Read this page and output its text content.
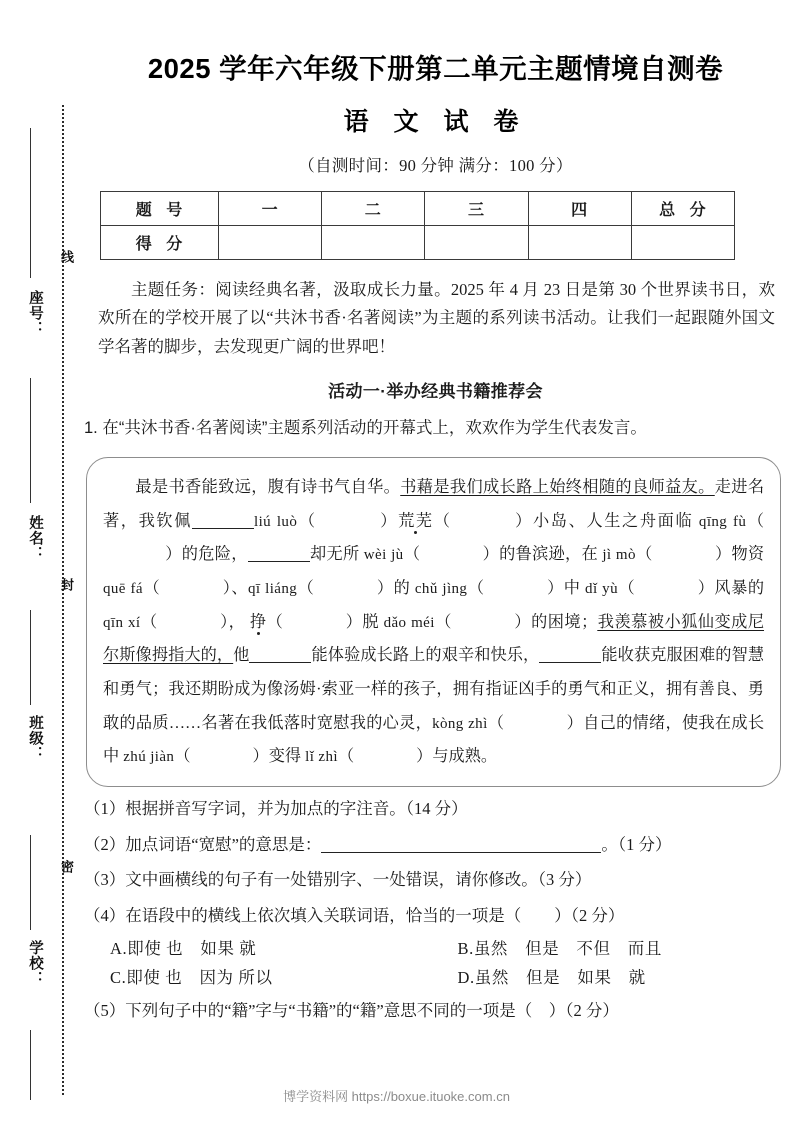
线
封
密
座号：
姓名：
班级：
学校：
2025 学年六年级下册第二单元主题情境自测卷
语 文 试 卷
（自测时间：90 分钟 满分：100 分）
题 号	一	二	三	四	总 分
得 分					
主题任务：阅读经典名著，汲取成长力量。2025 年 4 月 23 日是第 30 个世界读书日，欢欢所在的学校开展了以“共沐书香·名著阅读”为主题的系列读书活动。让我们一起跟随外国文学名著的脚步，去发现更广阔的世界吧！
活动一·举办经典书籍推荐会
1. 在“共沐书香·名著阅读”主题系列活动的开幕式上，欢欢作为学生代表发言。
最是书香能致远，腹有诗书气自华。书藉是我们成长路上始终相随的良师益友。走进名著，我钦佩	liú luò（	）荒芜（	）小岛、人生之舟面临 qīng fù（）的危险，	却无所 wèi jù（	）的鲁滨逊，在 jì mò（	）物资 quē fá（	）、qī liáng（	）的 chǔ jìng（	）中 dǐ yù（	）风暴的 qīn xí（	）， 挣（	）脱 dǎo méi（	）的困境；我羡慕被小狐仙变成尼尔斯像拇指大的，他	能体验成长路上的艰辛和快乐，	能收获克服困难的智慧和勇气；我还期盼成为像汤姆·索亚一样的孩子，拥有指证凶手的勇气和正义，拥有善良、勇敢的品质……名著在我低落时宽慰我的心灵，kòng zhì（	）自己的情绪，使我在成长中 zhú jiàn（	）变得 lǐ zhì（	）与成熟。
（1）根据拼音写字词，并为加点的字注音。（14 分）
（2）加点词语“宽慰”的意思是：	。（1 分）
（3）文中画横线的句子有一处错别字、一处错误，请你修改。（3 分）
（4）在语段中的横线上依次填入关联词语，恰当的一项是（　　）（2 分）
A.即使 也　如果 就	B.虽然　但是　不但　而且
C.即使 也　因为 所以	D.虽然　但是　如果　就
（5）下列句子中的“籍”字与“书籍”的“籍”意思不同的一项是（　）（2 分）
博学资料网 https://boxue.ituoke.com.cn
